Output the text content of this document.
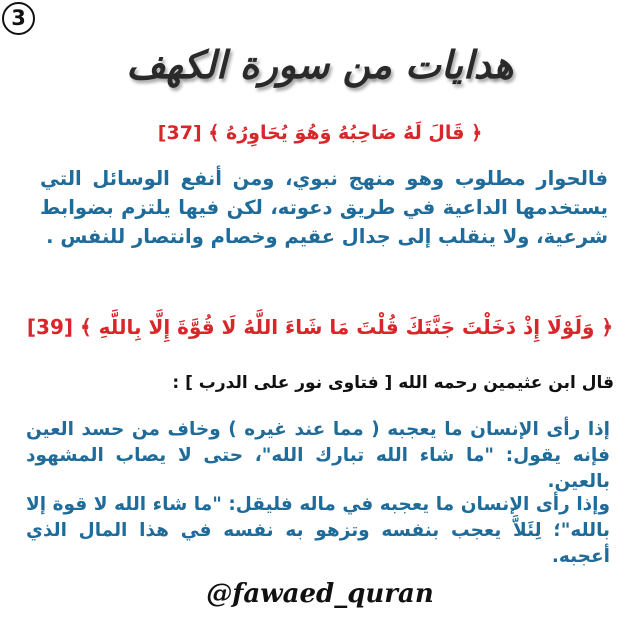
3
هدايات من سورة الكهف
﴿ قَالَ لَهُ صَاحِبُهُ وَهُوَ يُحَاوِرُهُ ﴾ [37]
فالحوار مطلوب وهو منهج نبوي، ومن أنفع الوسائل التي يستخدمها الداعية في طريق دعوته، لكن فيها يلتزم بضوابط شرعية، ولا ينقلب إلى جدال عقيم وخصام وانتصار للنفس .
﴿ وَلَوْلَا إِذْ دَخَلْتَ جَنَّتَكَ قُلْتَ مَا شَاءَ اللَّهُ لَا قُوَّةَ إِلَّا بِاللَّهِ ﴾ [39]
قال ابن عثيمين رحمه الله [ فتاوى نور على الدرب ] :
إذا رأى الإنسان ما يعجبه ( مما عند غيره ) وخاف من حسد العين فإنه يقول: "ما شاء الله تبارك الله"، حتى لا يصاب المشهود بالعين.
وإذا رأى الإنسان ما يعجبه في ماله فليقل: "ما شاء الله لا قوة إلا بالله"؛ لِئَلاَّ يعجب بنفسه وتزهو به نفسه في هذا المال الذي أعجبه.
@fawaed_quran
